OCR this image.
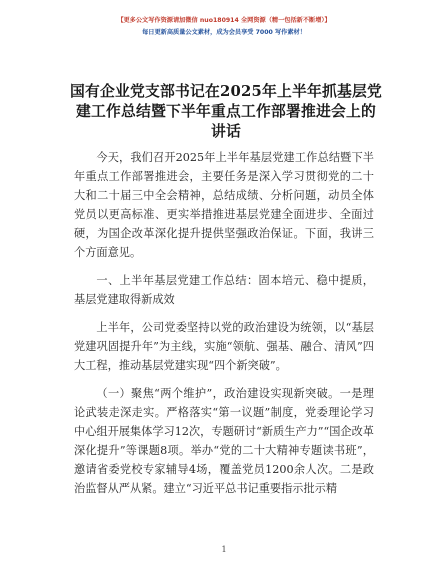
【更多公文写作资源请加微信 nuo180914 全网资源（精一包括新不断增）】
每日更新高质量公文素材，成为会员享受 7000 写作素材！
国有企业党支部书记在2025年上半年抓基层党建工作总结暨下半年重点工作部署推进会上的讲话

今天，我们召开2025年上半年基层党建工作总结暨下半年重点工作部署推进会，主要任务是深入学习贯彻党的二十大和二十届三中全会精神，总结成绩、分析问题，动员全体党员以更高标准、更实举措推进基层党建全面进步、全面过硬，为国企改革深化提升提供坚强政治保证。下面，我讲三个方面意见。

一、上半年基层党建工作总结：固本培元、稳中提质，基层党建取得新成效

上半年，公司党委坚持以党的政治建设为统领，以“基层党建巩固提升年”为主线，实施“领航、强基、融合、清风”四大工程，推动基层党建实现“四个新突破”。

（一）聚焦“两个维护”，政治建设实现新突破。一是理论武装走深走实。严格落实“第一议题”制度，党委理论学习中心组开展集体学习12次，专题研讨“新质生产力”“国企改革深化提升”等课题8项。举办“党的二十大精神专题读书班”，邀请省委党校专家辅导4场，覆盖党员1200余人次。二是政治监督从严从紧。建立“习近平总书记重要指示批示精

1
